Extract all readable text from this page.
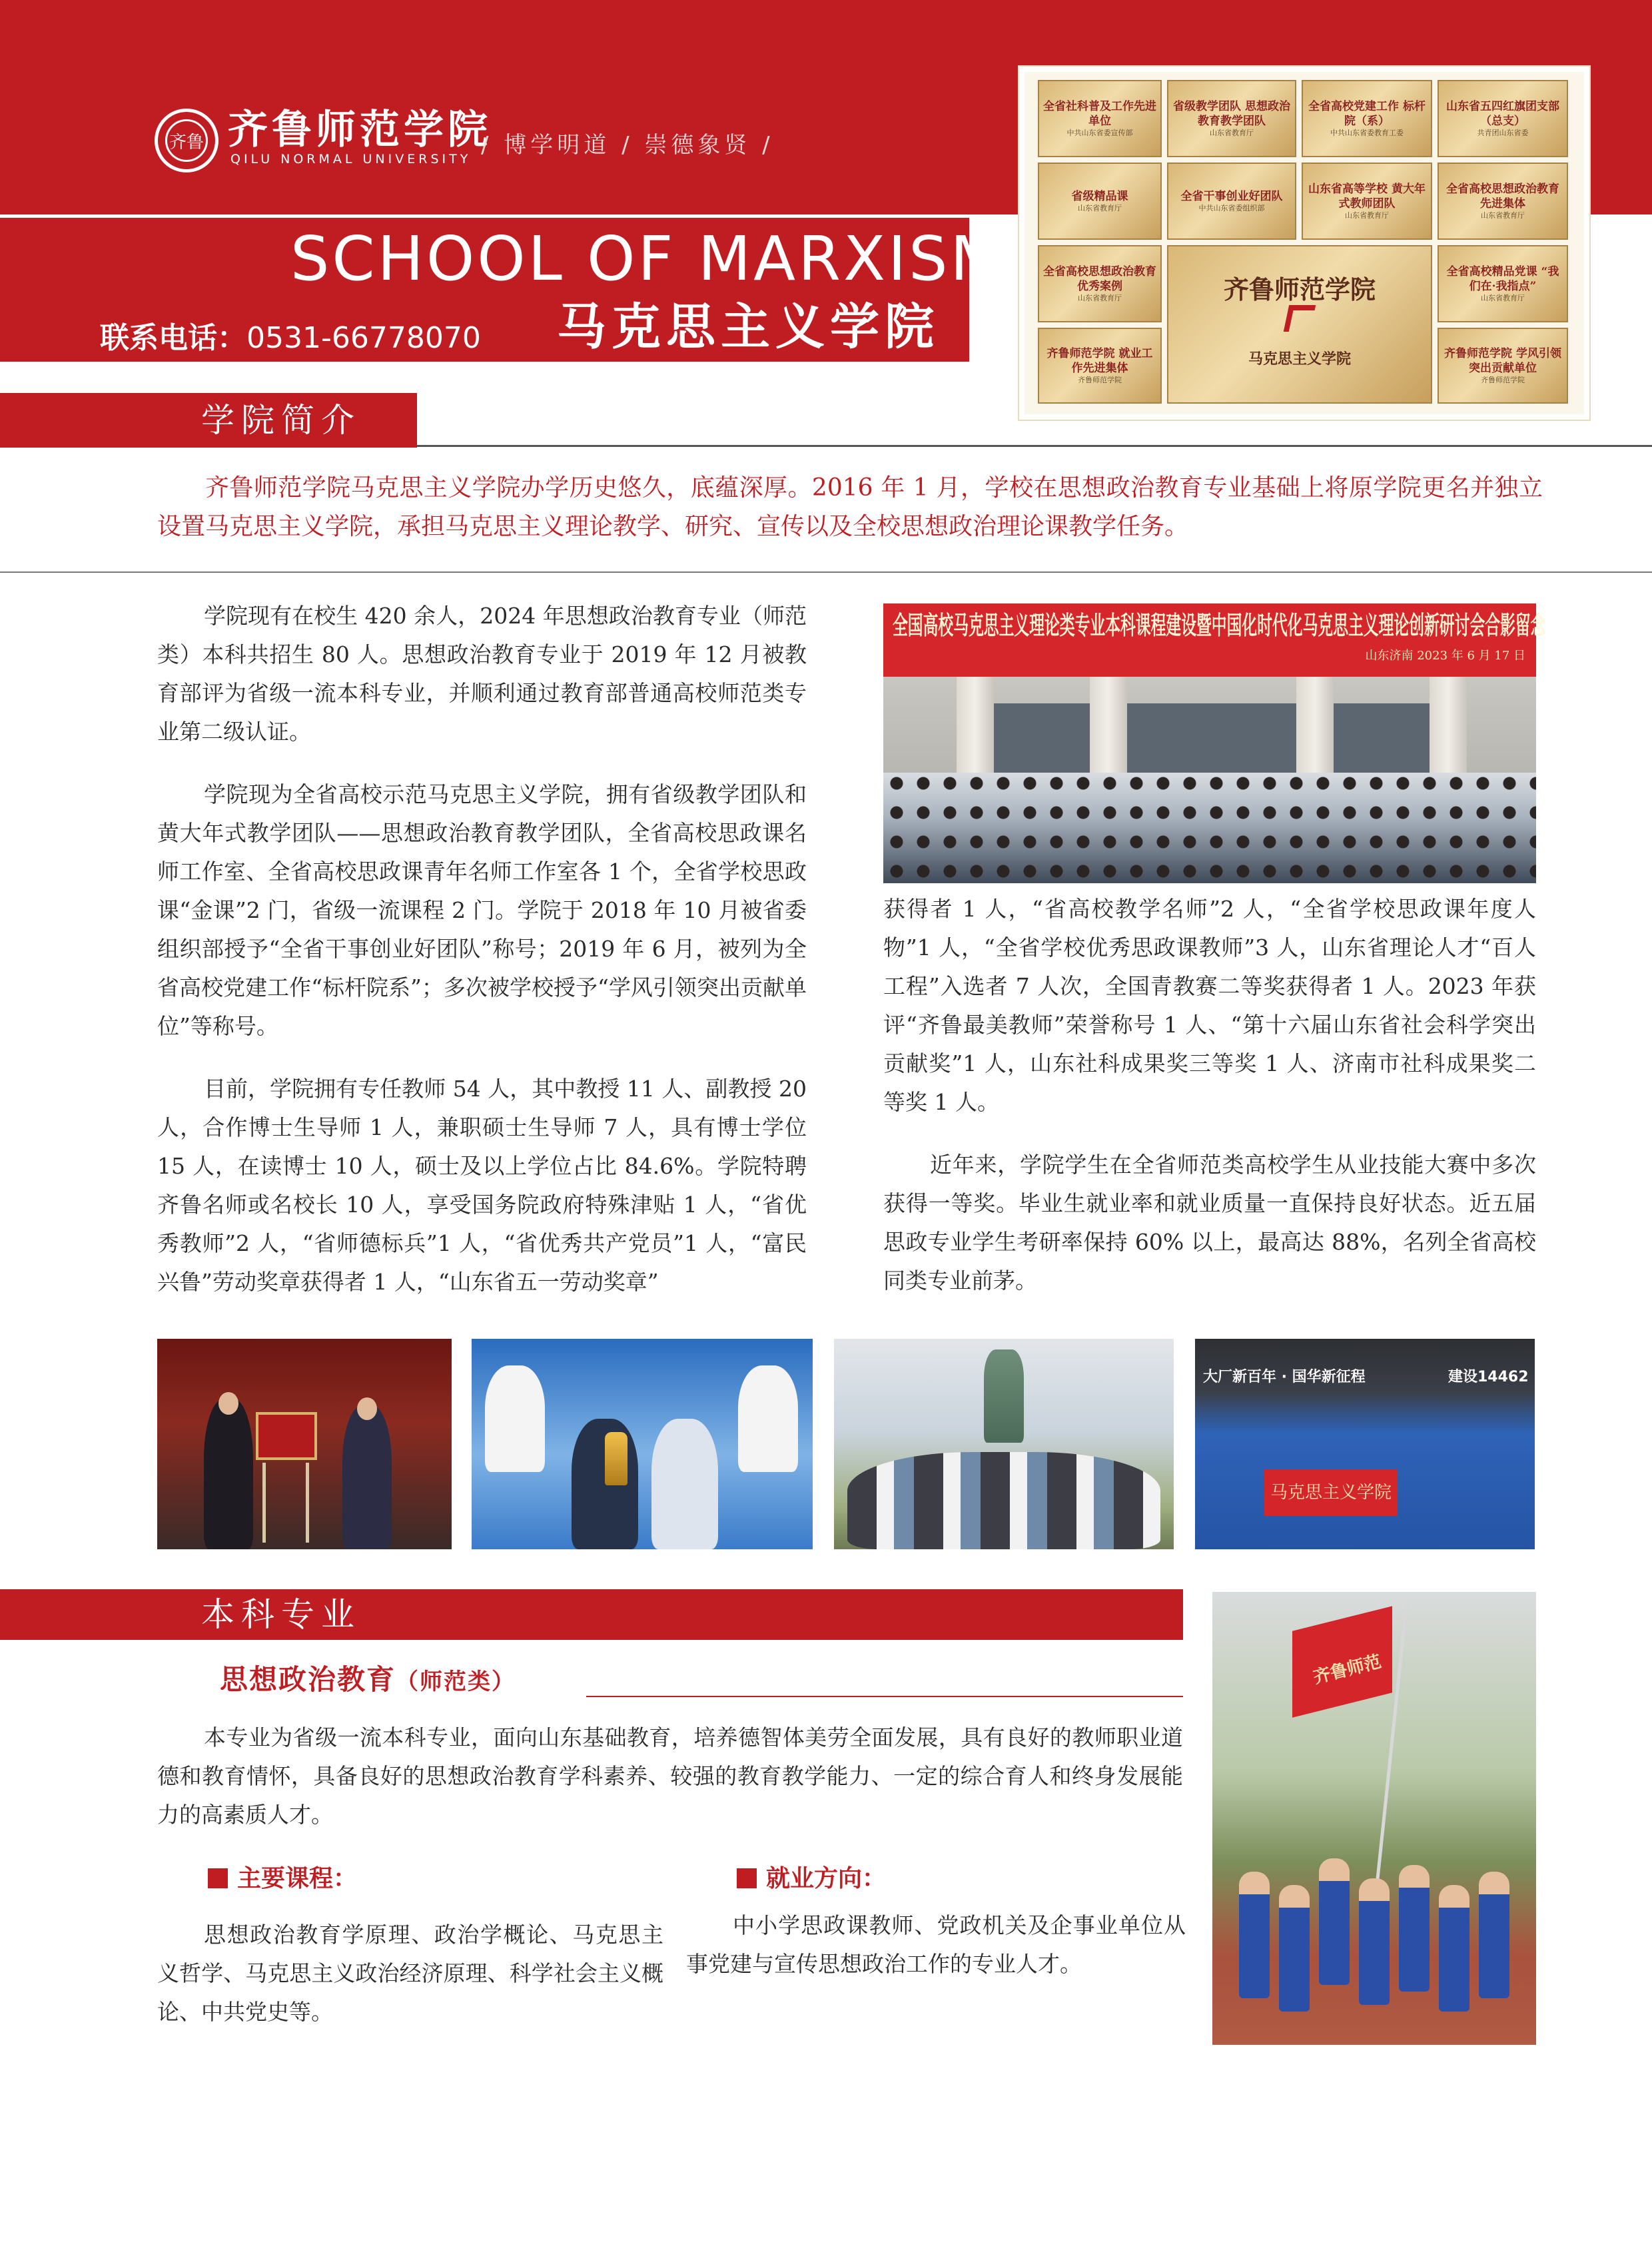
齐鲁 齐鲁师范学院
QILU NORMAL UNIVERSITY
/ 博学明道 / 崇德象贤 /
SCHOOL OF MARXISM
马克思主义学院
联系电话：0531-66778070
全省社科普及工作先进单位
中共山东省委宣传部
省级教学团队 思想政治教育教学团队
山东省教育厅
全省高校党建工作 标杆院（系）
中共山东省委教育工委
山东省五四红旗团支部（总支）
共青团山东省委
省级精品课
山东省教育厅
全省干事创业好团队
中共山东省委组织部
山东省高等学校 黄大年式教师团队
山东省教育厅
全省高校思想政治教育先进集体
山东省教育厅
全省高校思想政治教育优秀案例
山东省教育厅	齐鲁师范学院
马克思主义学院
全省高校精品党课 “我们在·我指点”
山东省教育厅
齐鲁师范学院 就业工作先进集体
齐鲁师范学院
齐鲁师范学院 学风引领突出贡献单位
齐鲁师范学院
学院简介
齐鲁师范学院马克思主义学院办学历史悠久，底蕴深厚。2016 年 1 月，学校在思想政治教育专业基础上将原学院更名并独立设置马克思主义学院，承担马克思主义理论教学、研究、宣传以及全校思想政治理论课教学任务。
学院现有在校生 420 余人，2024 年思想政治教育专业（师范类）本科共招生 80 人。思想政治教育专业于 2019 年 12 月被教育部评为省级一流本科专业，并顺利通过教育部普通高校师范类专业第二级认证。
学院现为全省高校示范马克思主义学院，拥有省级教学团队和黄大年式教学团队——思想政治教育教学团队，全省高校思政课名师工作室、全省高校思政课青年名师工作室各 1 个，全省学校思政课“金课”2 门，省级一流课程 2 门。学院于 2018 年 10 月被省委组织部授予“全省干事创业好团队”称号；2019 年 6 月，被列为全省高校党建工作“标杆院系”；多次被学校授予“学风引领突出贡献单位”等称号。
目前，学院拥有专任教师 54 人，其中教授 11 人、副教授 20 人，合作博士生导师 1 人，兼职硕士生导师 7 人，具有博士学位 15 人，在读博士 10 人，硕士及以上学位占比 84.6%。学院特聘齐鲁名师或名校长 10 人，享受国务院政府特殊津贴 1 人，“省优秀教师”2 人，“省师德标兵”1 人，“省优秀共产党员”1 人，“富民兴鲁”劳动奖章获得者 1 人，“山东省五一劳动奖章”
全国高校马克思主义理论类专业本科课程建设暨中国化时代化马克思主义理论创新研讨会合影留念
山东济南 2023 年 6 月 17 日
获得者 1 人，“省高校教学名师”2 人，“全省学校思政课年度人物”1 人，“全省学校优秀思政课教师”3 人，山东省理论人才“百人工程”入选者 7 人次，全国青教赛二等奖获得者 1 人。2023 年获评“齐鲁最美教师”荣誉称号 1 人、“第十六届山东省社会科学突出贡献奖”1 人，山东社科成果奖三等奖 1 人、济南市社科成果奖二等奖 1 人。
近年来，学院学生在全省师范类高校学生从业技能大赛中多次获得一等奖。毕业生就业率和就业质量一直保持良好状态。近五届思政专业学生考研率保持 60% 以上，最高达 88%，名列全省高校同类专业前茅。
大厂新百年 · 国华新征程	建设14462
马克思主义学院
本科专业
思想政治教育（师范类）
本专业为省级一流本科专业，面向山东基础教育，培养德智体美劳全面发展，具有良好的教师职业道德和教育情怀，具备良好的思想政治教育学科素养、较强的教育教学能力、一定的综合育人和终身发展能力的高素质人才。
主要课程：
思想政治教育学原理、政治学概论、马克思主义哲学、马克思主义政治经济原理、科学社会主义概论、中共党史等。
就业方向：
中小学思政课教师、党政机关及企事业单位从事党建与宣传思想政治工作的专业人才。
齐鲁师范
